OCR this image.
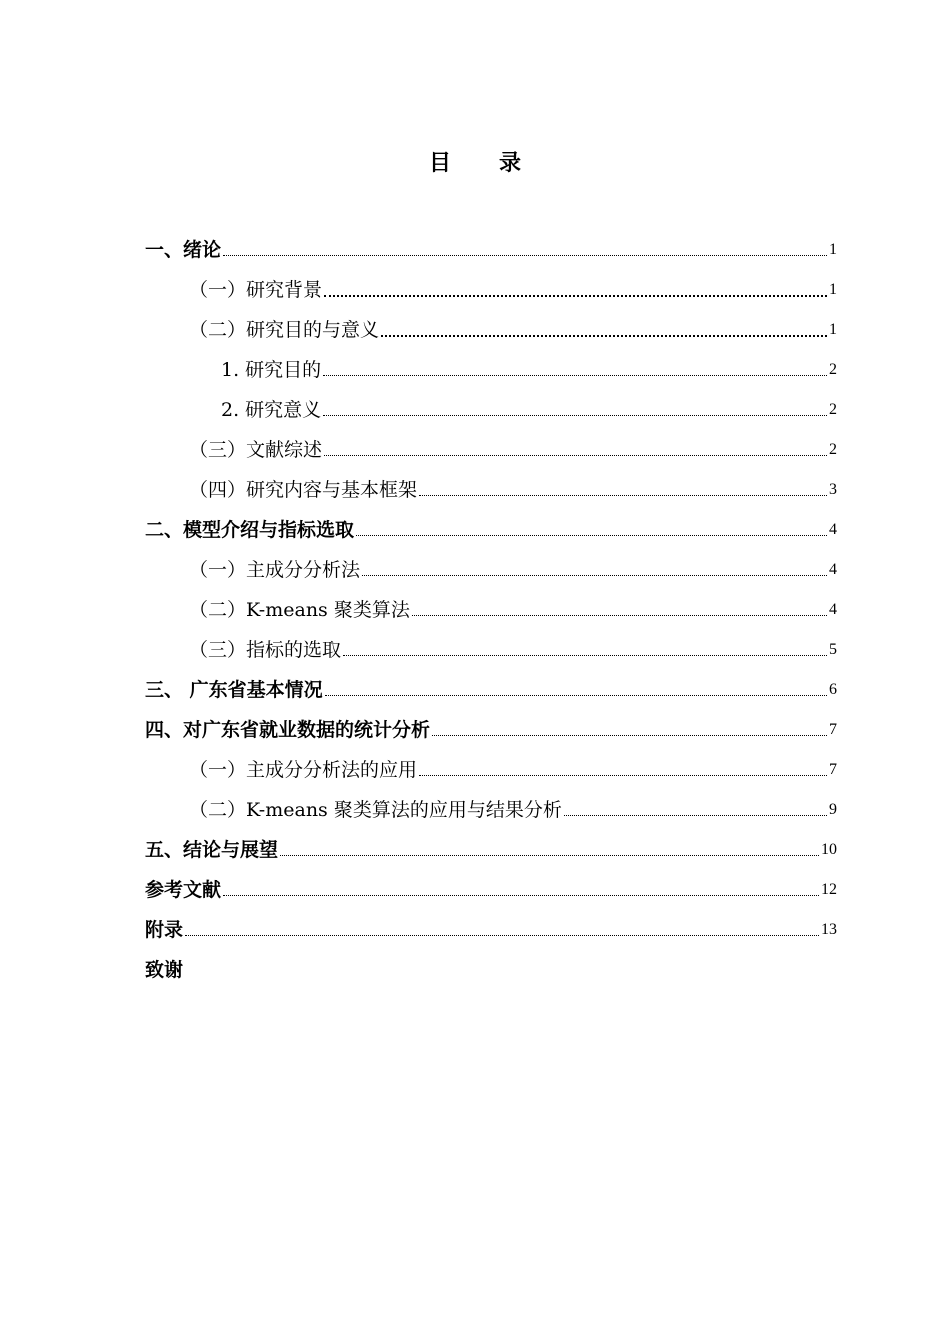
目 录
一、绪论	1
（一）研究背景	1
（二）研究目的与意义	1
1. 研究目的	2
2. 研究意义	2
（三）文献综述	2
（四）研究内容与基本框架	3
二、模型介绍与指标选取	4
（一）主成分分析法	4
（二）K-means 聚类算法	4
（三）指标的选取	5
三、 广东省基本情况	6
四、对广东省就业数据的统计分析	7
（一）主成分分析法的应用	7
（二）K-means 聚类算法的应用与结果分析	9
五、结论与展望	10
参考文献	12
附录	13
致谢
